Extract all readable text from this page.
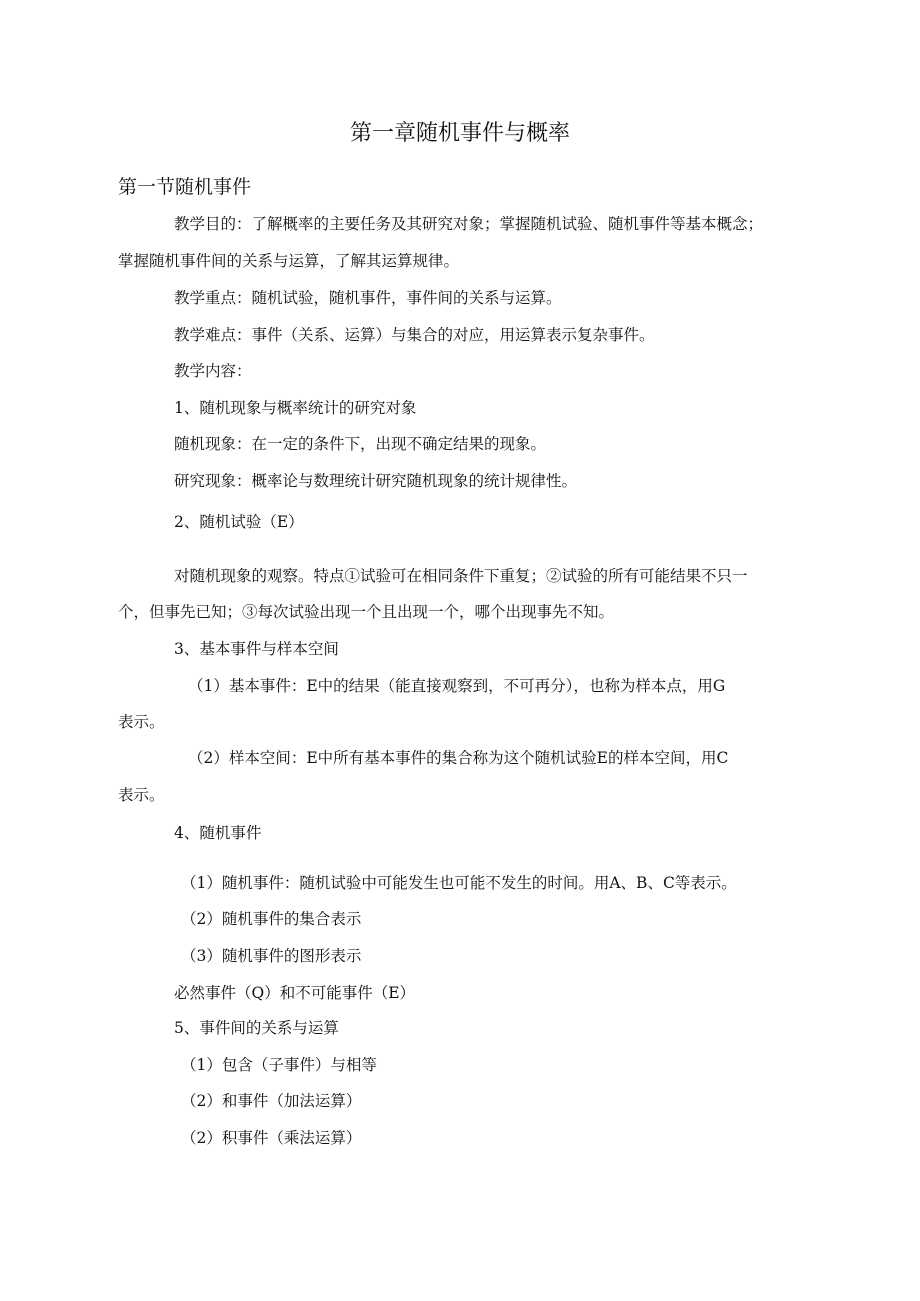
第一章随机事件与概率
第一节随机事件
教学目的：了解概率的主要任务及其研究对象；掌握随机试验、随机事件等基本概念；
掌握随机事件间的关系与运算，了解其运算规律。
教学重点：随机试验，随机事件，事件间的关系与运算。
教学难点：事件（关系、运算）与集合的对应，用运算表示复杂事件。
教学内容：
1、随机现象与概率统计的研究对象
随机现象：在一定的条件下，出现不确定结果的现象。
研究现象：概率论与数理统计研究随机现象的统计规律性。
2、随机试验（E）
对随机现象的观察。特点①试验可在相同条件下重复；②试验的所有可能结果不只一
个，但事先已知；③每次试验出现一个且出现一个，哪个出现事先不知。
3、基本事件与样本空间
（1）基本事件：E中的结果（能直接观察到，不可再分），也称为样本点，用G
表示。
（2）样本空间：E中所有基本事件的集合称为这个随机试验E的样本空间，用C
表示。
4、随机事件
（1）随机事件：随机试验中可能发生也可能不发生的时间。用A、B、C等表示。
（2）随机事件的集合表示
（3）随机事件的图形表示
必然事件（Q）和不可能事件（E）
5、事件间的关系与运算
（1）包含（子事件）与相等
（2）和事件（加法运算）
（2）积事件（乘法运算）
